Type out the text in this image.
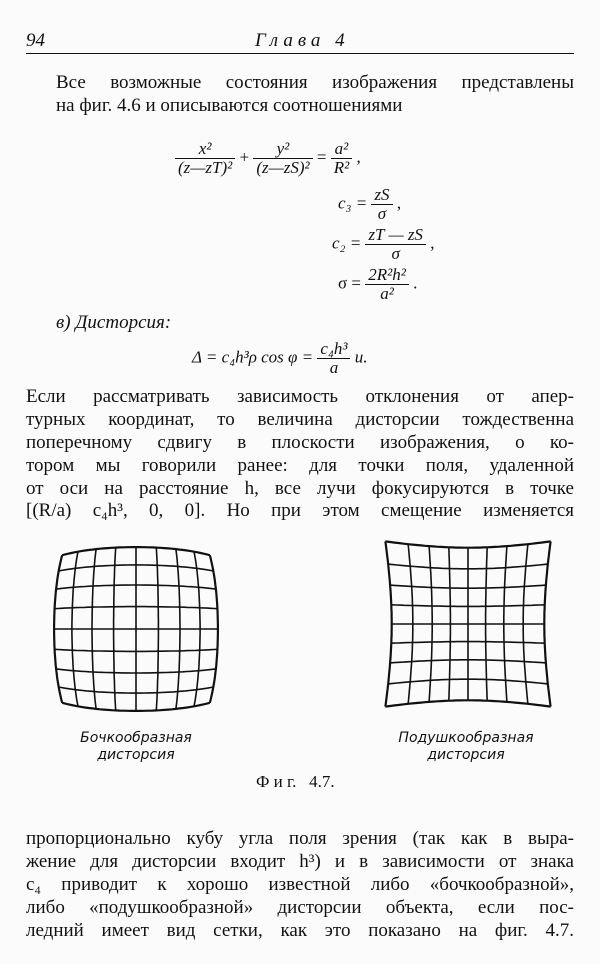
94	Глава 4
Все возможные состояния изображения представлены
на фиг. 4.6 и описываются соотношениями
$\frac{\text{x²}}{\text{(z—zT)²}} + \frac{\text{y²}}{\text{(z—zS)²}} = \frac{\text{a²}}{\text{R²}}$ ,
$c_3 = \frac{zS}{\sigma}$ ,
$c_2 = \frac{zT — zS}{\sigma}$ ,
$\sigma = \frac{\text{2R²h²}}{\text{a²}}$ .
в) Дисторсия:
Δ = c₄h³ρ $\cos \varphi = \frac{\text{c₄h³}}{a} u$.
Если рассматривать зависимость отклонения от апер-
турных координат, то величина дисторсии тождественна
поперечному сдвигу в плоскости изображения, о ко-
тором мы говорили ранее: для точки поля, удаленной
от оси на расстояние h, все лучи фокусируются в точке
[(R/a) c₄h³, 0, 0]. Но при этом смещение изменяется
Бочкообразная
дисторсия
Подушкообразная
дисторсия
Ф и г.   4.7.
пропорционально кубу угла поля зрения (так как в выра-
жение для дисторсии входит h³) и в зависимости от знака
c₄ приводит к хорошо известной либо «бочкообразной»,
либо «подушкообразной» дисторсии объекта, если пос-
ледний имеет вид сетки, как это показано на фиг. 4.7.
